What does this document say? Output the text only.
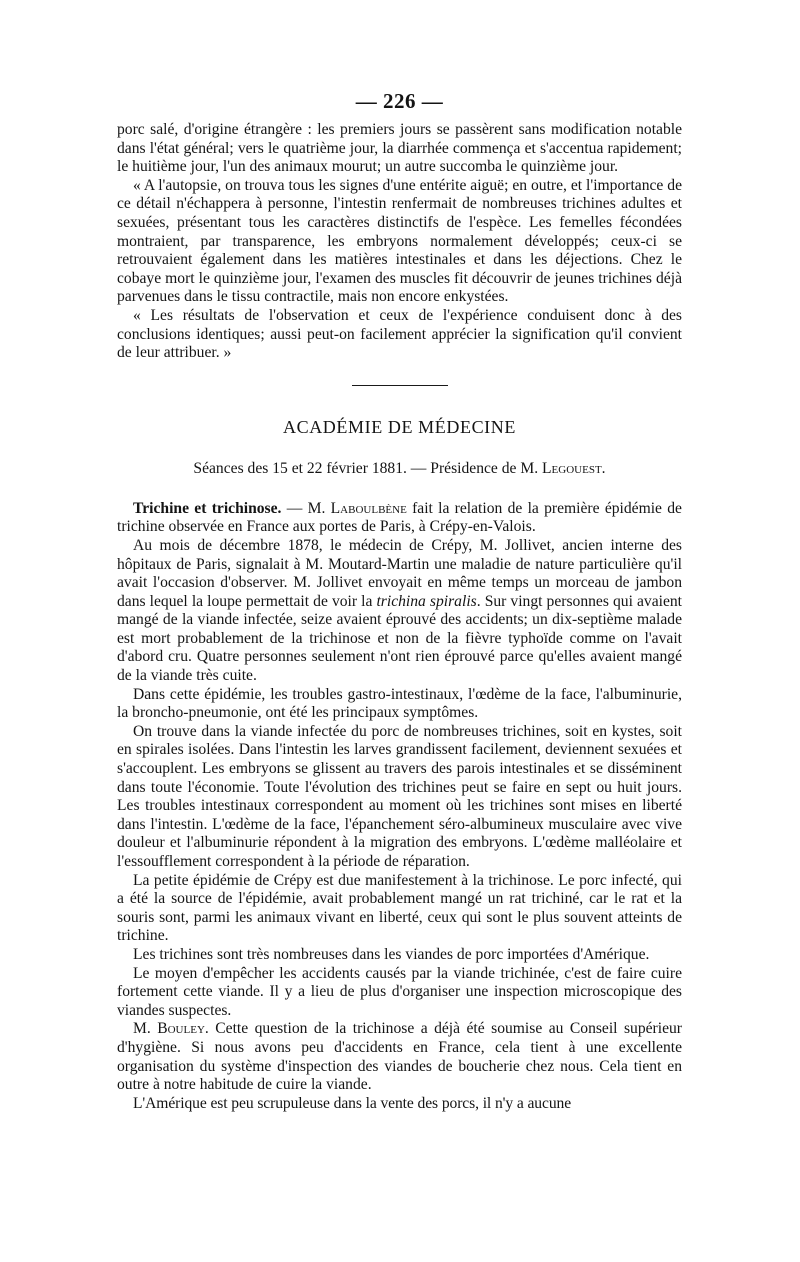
— 226 —

porc salé, d'origine étrangère : les premiers jours se passèrent sans modification notable dans l'état général; vers le quatrième jour, la diarrhée commença et s'accentua rapidement; le huitième jour, l'un des animaux mourut; un autre succomba le quinzième jour.

« A l'autopsie, on trouva tous les signes d'une entérite aiguë; en outre, et l'importance de ce détail n'échappera à personne, l'intestin renfermait de nombreuses trichines adultes et sexuées, présentant tous les caractères distinctifs de l'espèce. Les femelles fécondées montraient, par transparence, les embryons normalement développés; ceux-ci se retrouvaient également dans les matières intestinales et dans les déjections. Chez le cobaye mort le quinzième jour, l'examen des muscles fit découvrir de jeunes trichines déjà parvenues dans le tissu contractile, mais non encore enkystées.

« Les résultats de l'observation et ceux de l'expérience conduisent donc à des conclusions identiques; aussi peut-on facilement apprécier la signification qu'il convient de leur attribuer. »

ACADÉMIE DE MÉDECINE
Séances des 15 et 22 février 1881. — Présidence de M. Legouest.

Trichine et trichinose. — M. Laboulbène fait la relation de la première épidémie de trichine observée en France aux portes de Paris, à Crépy-en-Valois.

Au mois de décembre 1878, le médecin de Crépy, M. Jollivet, ancien interne des hôpitaux de Paris, signalait à M. Moutard-Martin une maladie de nature particulière qu'il avait l'occasion d'observer. M. Jollivet envoyait en même temps un morceau de jambon dans lequel la loupe permettait de voir la trichina spiralis. Sur vingt personnes qui avaient mangé de la viande infectée, seize avaient éprouvé des accidents; un dix-septième malade est mort probablement de la trichinose et non de la fièvre typhoïde comme on l'avait d'abord cru. Quatre personnes seulement n'ont rien éprouvé parce qu'elles avaient mangé de la viande très cuite.

Dans cette épidémie, les troubles gastro-intestinaux, l'œdème de la face, l'albuminurie, la broncho-pneumonie, ont été les principaux symptômes.

On trouve dans la viande infectée du porc de nombreuses trichines, soit en kystes, soit en spirales isolées. Dans l'intestin les larves grandissent facilement, deviennent sexuées et s'accouplent. Les embryons se glissent au travers des parois intestinales et se disséminent dans toute l'économie. Toute l'évolution des trichines peut se faire en sept ou huit jours. Les troubles intestinaux correspondent au moment où les trichines sont mises en liberté dans l'intestin. L'œdème de la face, l'épanchement séro-albumineux musculaire avec vive douleur et l'albuminurie répondent à la migration des embryons. L'œdème malléolaire et l'essoufflement correspondent à la période de réparation.

La petite épidémie de Crépy est due manifestement à la trichinose. Le porc infecté, qui a été la source de l'épidémie, avait probablement mangé un rat trichiné, car le rat et la souris sont, parmi les animaux vivant en liberté, ceux qui sont le plus souvent atteints de trichine.

Les trichines sont très nombreuses dans les viandes de porc importées d'Amérique.

Le moyen d'empêcher les accidents causés par la viande trichinée, c'est de faire cuire fortement cette viande. Il y a lieu de plus d'organiser une inspection microscopique des viandes suspectes.

M. Bouley. Cette question de la trichinose a déjà été soumise au Conseil supérieur d'hygiène. Si nous avons peu d'accidents en France, cela tient à une excellente organisation du système d'inspection des viandes de boucherie chez nous. Cela tient en outre à notre habitude de cuire la viande.

L'Amérique est peu scrupuleuse dans la vente des porcs, il n'y a aucune
